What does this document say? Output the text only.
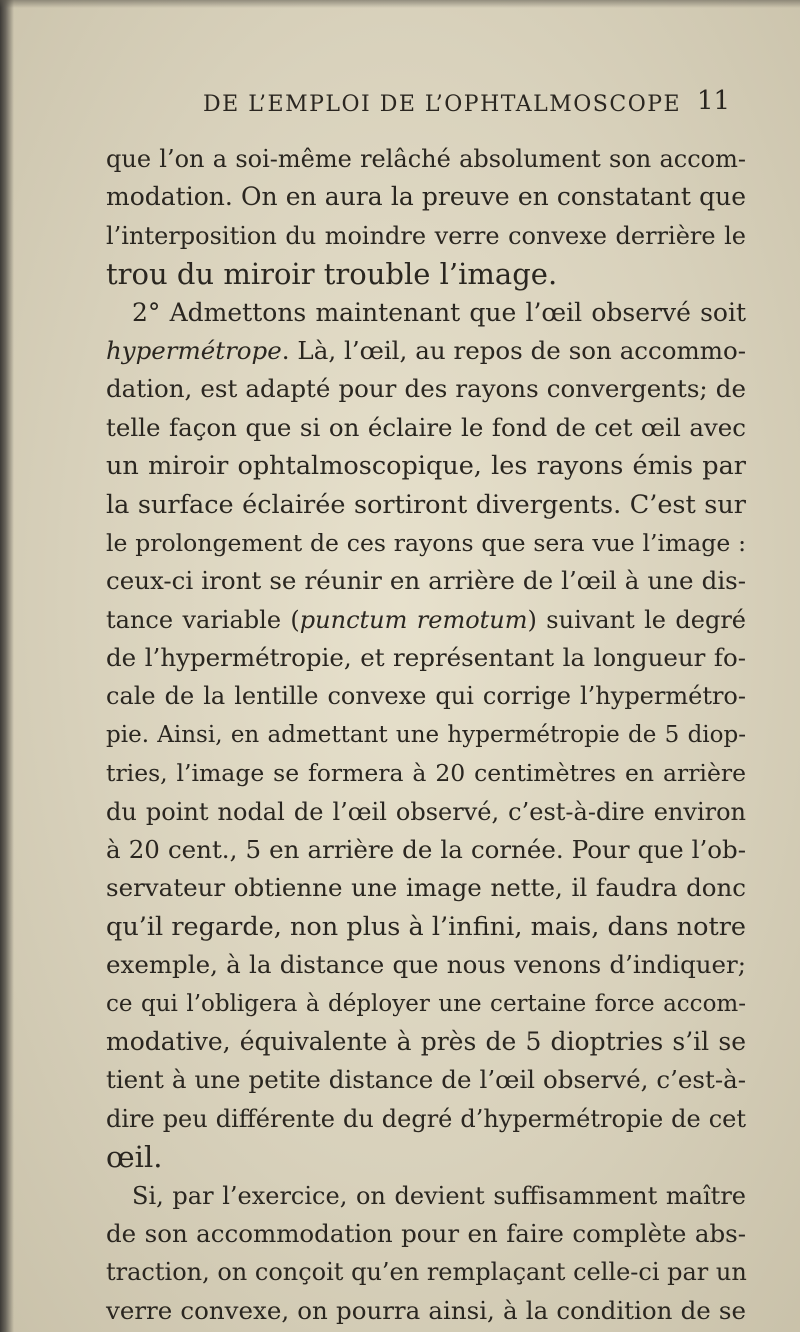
DE L’EMPLOI DE L’OPHTALMOSCOPE 11
que l’on a soi-même relâché absolument son accom-
modation. On en aura la preuve en constatant que
l’interposition du moindre verre convexe derrière le
trou du miroir trouble l’image.
2° Admettons maintenant que l’œil observé soit
hypermétrope. Là, l’œil, au repos de son accommo-
dation, est adapté pour des rayons convergents; de
telle façon que si on éclaire le fond de cet œil avec
un miroir ophtalmoscopique, les rayons émis par
la surface éclairée sortiront divergents. C’est sur
le prolongement de ces rayons que sera vue l’image :
ceux-ci iront se réunir en arrière de l’œil à une dis-
tance variable (punctum remotum) suivant le degré
de l’hypermétropie, et représentant la longueur fo-
cale de la lentille convexe qui corrige l’hypermétro-
pie. Ainsi, en admettant une hypermétropie de 5 diop-
tries, l’image se formera à 20 centimètres en arrière
du point nodal de l’œil observé, c’est-à-dire environ
à 20 cent., 5 en arrière de la cornée. Pour que l’ob-
servateur obtienne une image nette, il faudra donc
qu’il regarde, non plus à l’infini, mais, dans notre
exemple, à la distance que nous venons d’indiquer;
ce qui l’obligera à déployer une certaine force accom-
modative, équivalente à près de 5 dioptries s’il se
tient à une petite distance de l’œil observé, c’est-à-
dire peu différente du degré d’hypermétropie de cet
œil.
Si, par l’exercice, on devient suffisamment maître
de son accommodation pour en faire complète abs-
traction, on conçoit qu’en remplaçant celle-ci par un
verre convexe, on pourra ainsi, à la condition de se
